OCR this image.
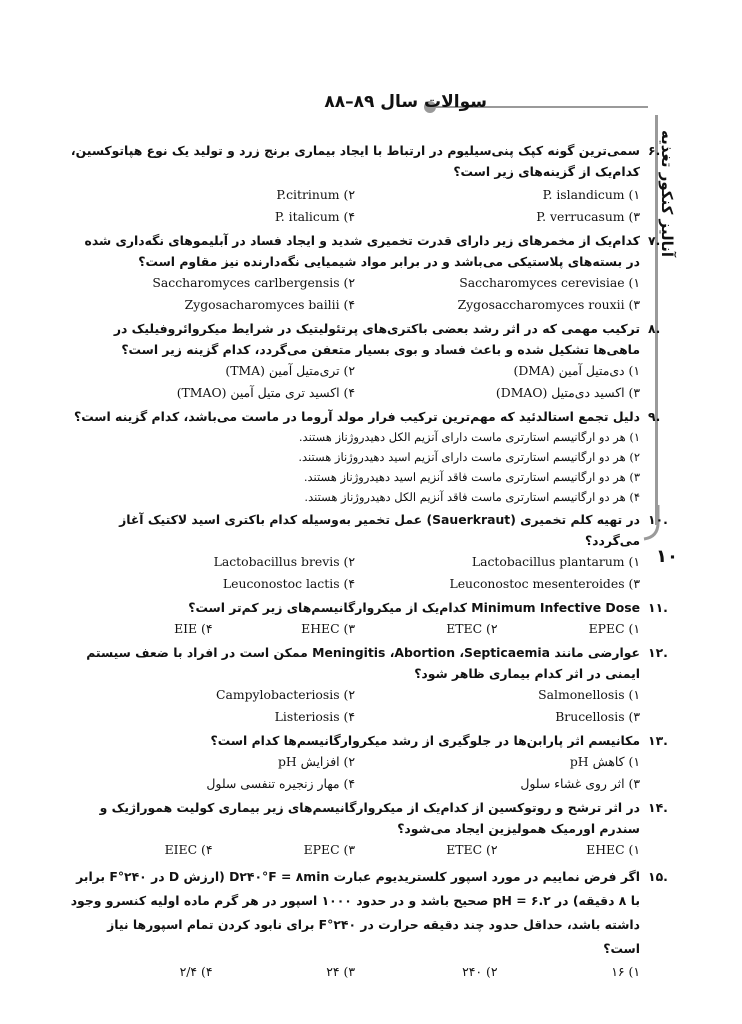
سوالات سال ۸۹–۸۸
آنالیز کنکور تغذیه
۱۰
۶.
سمی‌ترین گونه کپک پنی‌سیلیوم در ارتباط با ایجاد بیماری برنج زرد و تولید یک نوع هپاتوکسین، کدام‌یک از گزینه‌های زیر است؟
۱) P. islandicum
۲) P.citrinum
۳) P. verrucasum
۴) P. italicum
۷.
کدام‌یک از مخمرهای زیر دارای قدرت تخمیری شدید و ایجاد فساد در آبلیموهای نگه‌داری شده در بسته‌های پلاستیکی می‌باشد و در برابر مواد شیمیایی نگه‌دارنده نیز مقاوم است؟
۱) Saccharomyces cerevisiae
۲) Saccharomyces carlbergensis
۳) Zygosaccharomyces rouxii
۴) Zygosacharomyces bailii
۸.
ترکیب مهمی که در اثر رشد بعضی باکتری‌های پرتئولیتیک در شرایط میکروائروفیلیک در ماهی‌ها تشکیل شده و باعث فساد و بوی بسیار متعفن می‌گردد، کدام گزینه زیر است؟
۱) دی‌متیل آمین (DMA)
۲) تری‌متیل آمین (TMA)
۳) اکسید دی‌متیل (DMAO)
۴) اکسید تری متیل آمین (TMAO)
۹.
دلیل تجمع استالدئید که مهم‌ترین ترکیب فرار مولد آروما در ماست می‌باشد، کدام گزینه است؟
۱) هر دو ارگانیسم استارتری ماست دارای آنزیم الکل دهیدروژناز هستند.
۲) هر دو ارگانیسم استارتری ماست دارای آنزیم اسید دهیدروژناز هستند.
۳) هر دو ارگانیسم استارتری ماست فاقد آنزیم اسید دهیدروژناز هستند.
۴) هر دو ارگانیسم استارتری ماست فاقد آنزیم الکل دهیدروژناز هستند.
۱۰.
در تهیه کلم تخمیری (Sauerkraut) عمل تخمیر به‌وسیله کدام باکتری اسید لاکتیک آغاز می‌گردد؟
۱) Lactobacillus plantarum
۲) Lactobacillus brevis
۳) Leuconostoc mesenteroides
۴) Leuconostoc lactis
۱۱.
Minimum Infective Dose کدام‌یک از میکروارگانیسم‌های زیر کم‌تر است؟
۱) EPEC
۲) ETEC
۳) EHEC
۴) EIE
۱۲.
عوارضی مانند Meningitis ،Abortion ،Septicaemia ممکن است در افراد با ضعف سیستم ایمنی در اثر کدام بیماری ظاهر شود؟
۱) Salmonellosis
۲) Campylobacteriosis
۳) Brucellosis
۴) Listeriosis
۱۳.
مکانیسم اثر پارابن‌ها در جلوگیری از رشد میکروارگانیسم‌ها کدام است؟
۱) کاهش pH
۲) افزایش pH
۳) اثر روی غشاء سلول
۴) مهار زنجیره تنفسی سلول
۱۴.
در اثر ترشح و روتوکسین از کدام‌یک از میکروارگانیسم‌های زیر بیماری کولیت هموراژیک و سندرم اورمیک همولیزین ایجاد می‌شود؟
۱) EHEC
۲) ETEC
۳) EPEC
۴) EIEC
۱۵.
اگر فرض نماییم در مورد اسپور کلستریدیوم عبارت D۲۴۰°F = ۸min (ارزش D در ۲۴۰°F برابر با ۸ دقیقه) در pH = ۶.۲ صحیح باشد و در حدود ۱۰۰۰ اسپور در هر گرم ماده اولیه کنسرو وجود داشته باشد، حداقل حدود چند دقیقه حرارت در ۲۴۰°F برای نابود کردن تمام اسپورها نیاز است؟
۱) ۱۶
۲) ۲۴۰
۳) ۲۴
۴) ۲/۴
